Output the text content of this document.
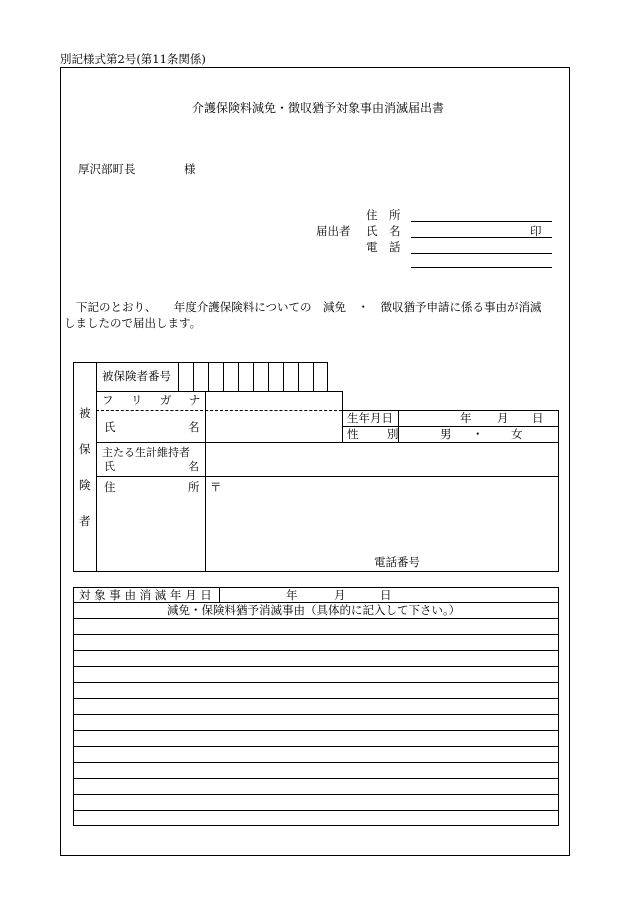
別記様式第2号(第11条関係)
介護保険料減免・徴収猶予対象事由消滅届出書
厚沢部町長	様
住　所
届出者 氏　名	印
電　話
下記のとおり、　　年度介護保険料についての　減免　・　徴収猶予申請に係る事由が消滅
しましたので届出します。
被
保
険
者
被保険者番号
フ リ ガ ナ
氏	名
生年月日	年 月 日
性 別	男 ・ 女
主たる生計維持者
氏	名
住	所 〒
電話番号
対 象 事 由 消 滅 年 月 日	年	月	日
減免・保険料猶予消滅事由（具体的に記入して下さい。）
